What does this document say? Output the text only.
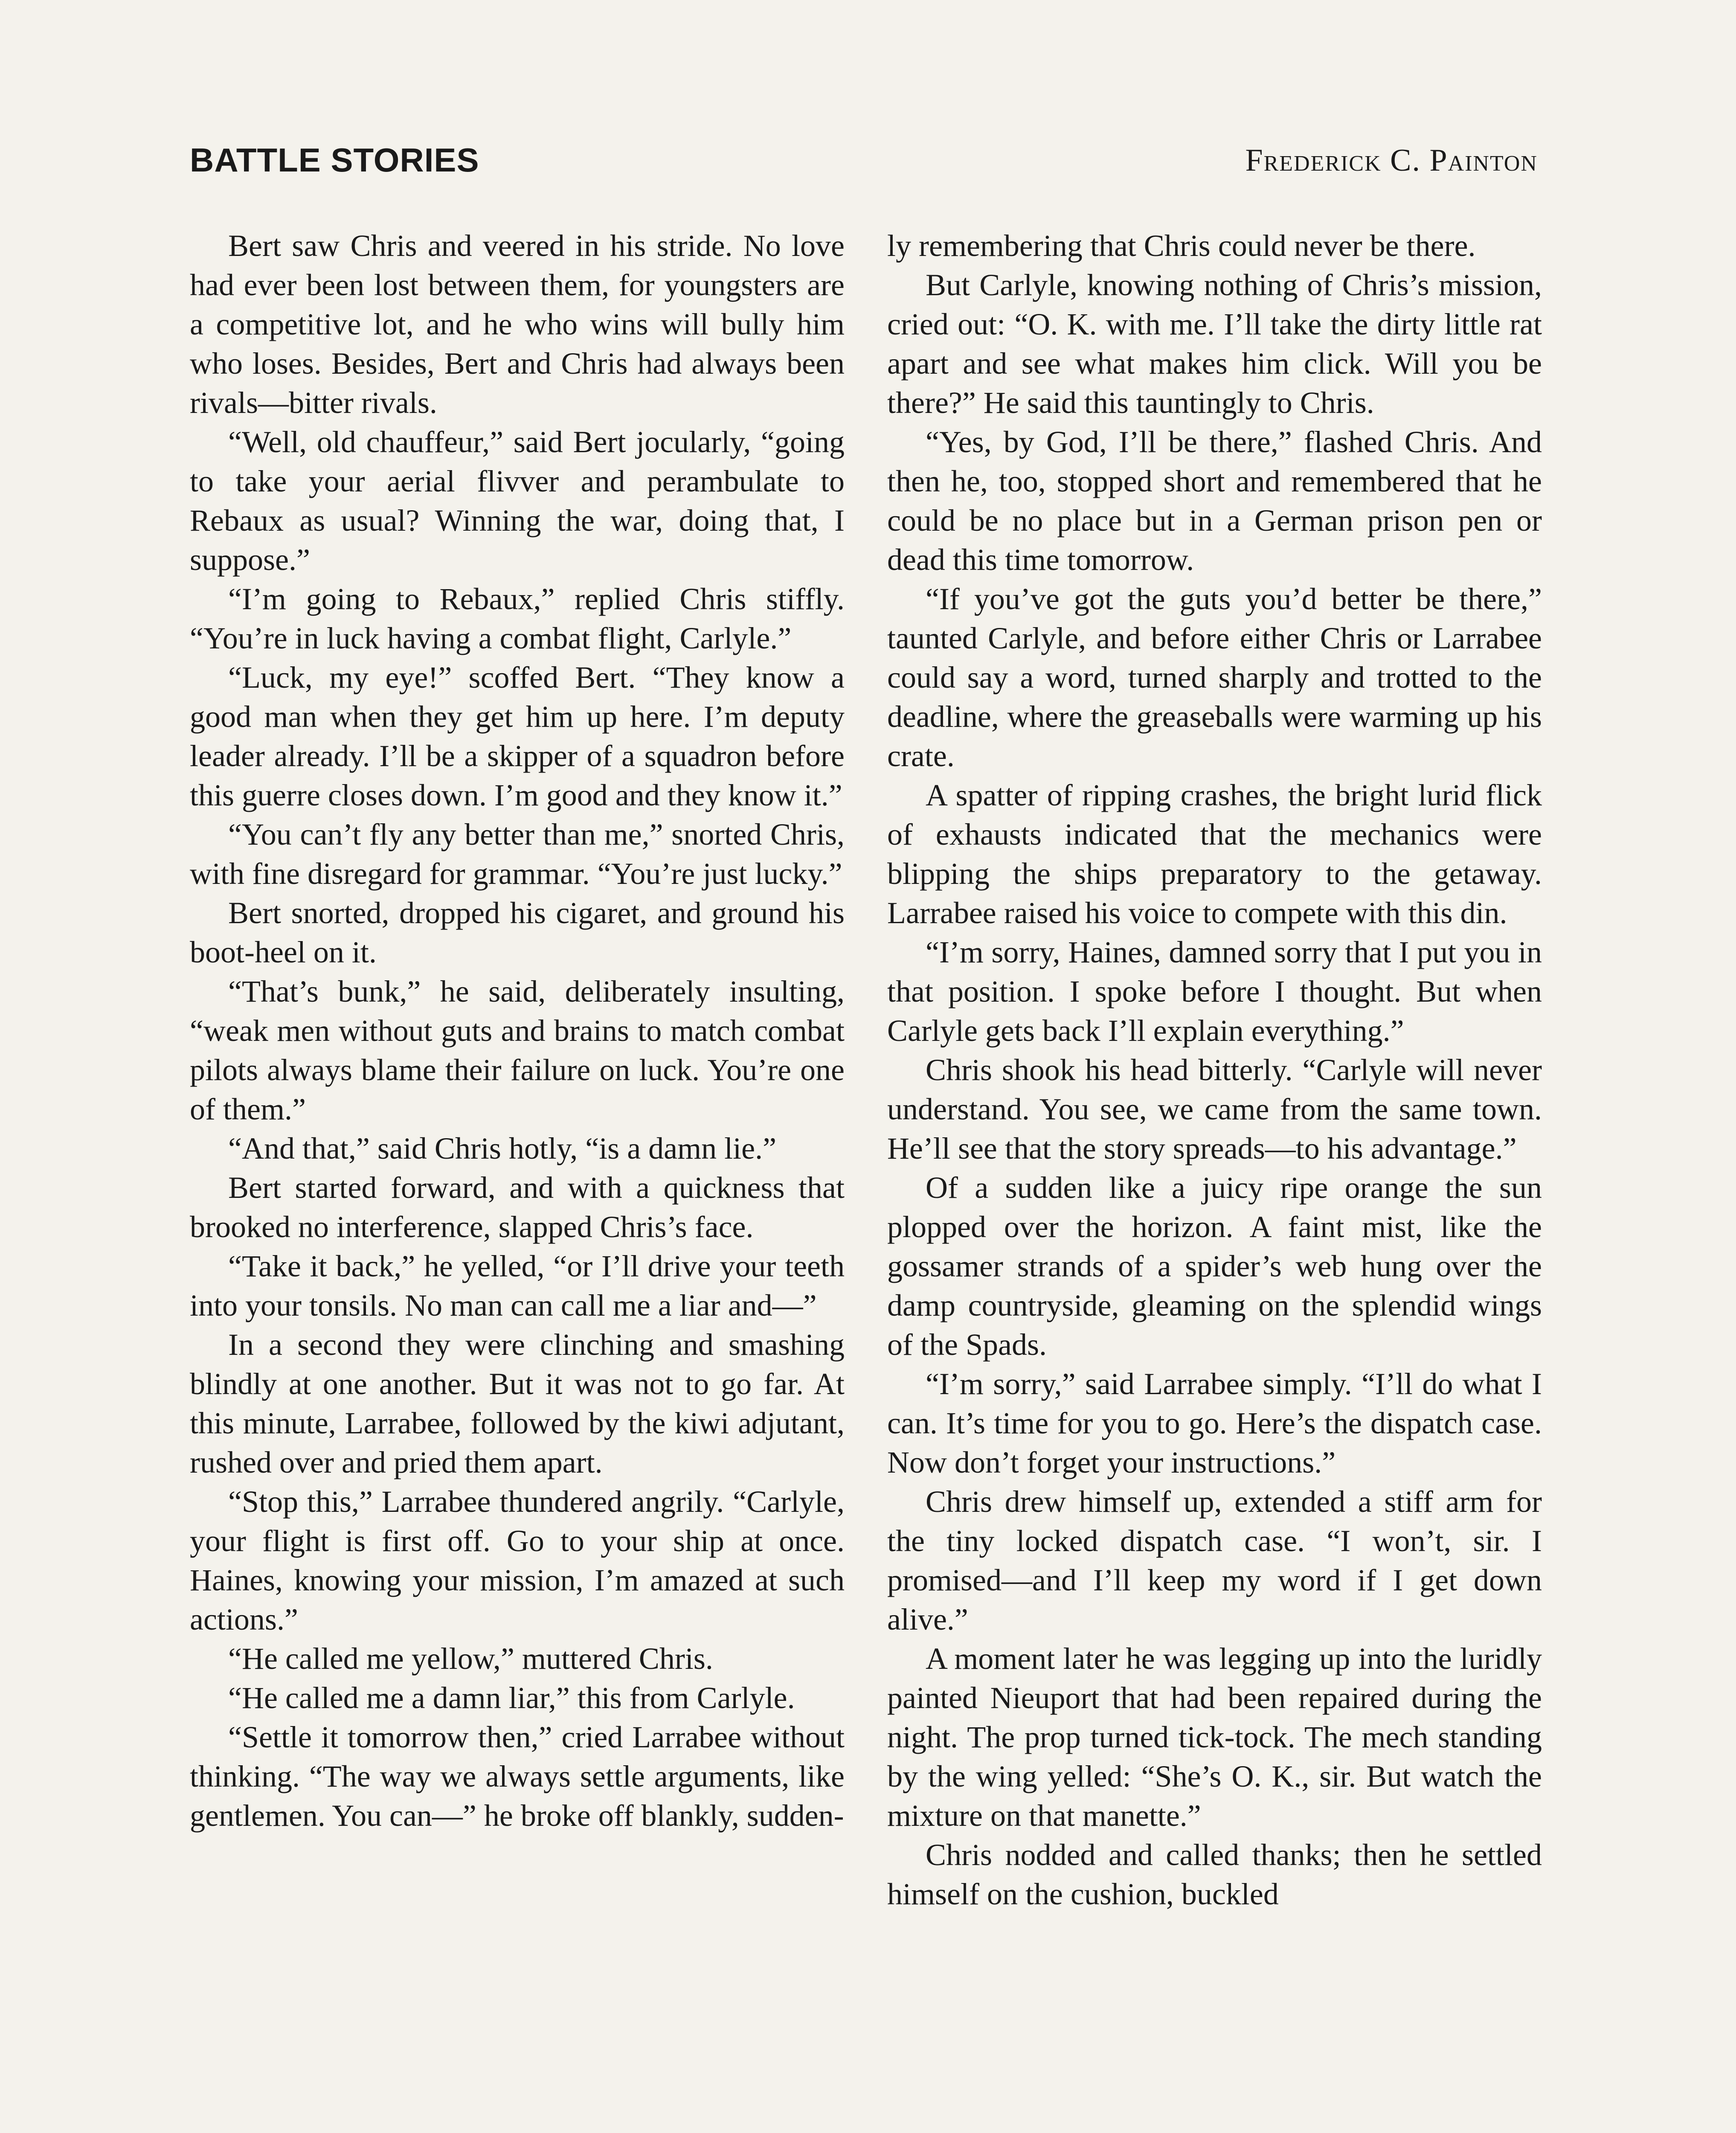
BATTLE STORIES	Frederick C. Painton

Bert saw Chris and veered in his stride. No love had ever been lost between them, for youngsters are a competitive lot, and he who wins will bully him who loses. Besides, Bert and Chris had always been rivals—bitter rivals.

“Well, old chauffeur,” said Bert jocularly, “going to take your aerial flivver and perambulate to Rebaux as usual? Winning the war, doing that, I suppose.”

“I’m going to Rebaux,” replied Chris stiffly. “You’re in luck having a combat flight, Carlyle.”

“Luck, my eye!” scoffed Bert. “They know a good man when they get him up here. I’m deputy leader already. I’ll be a skipper of a squadron before this guerre closes down. I’m good and they know it.”

“You can’t fly any better than me,” snorted Chris, with fine disregard for grammar. “You’re just lucky.”

Bert snorted, dropped his cigaret, and ground his boot-heel on it.

“That’s bunk,” he said, deliberately insulting, “weak men without guts and brains to match combat pilots always blame their failure on luck. You’re one of them.”

“And that,” said Chris hotly, “is a damn lie.”

Bert started forward, and with a quickness that brooked no interference, slapped Chris’s face.

“Take it back,” he yelled, “or I’ll drive your teeth into your tonsils. No man can call me a liar and—”

In a second they were clinching and smashing blindly at one another. But it was not to go far. At this minute, Larrabee, followed by the kiwi adjutant, rushed over and pried them apart.

“Stop this,” Larrabee thundered angrily. “Carlyle, your flight is first off. Go to your ship at once. Haines, knowing your mission, I’m amazed at such actions.”

“He called me yellow,” muttered Chris.

“He called me a damn liar,” this from Carlyle.

“Settle it tomorrow then,” cried Larrabee without thinking. “The way we always settle arguments, like gentlemen. You can—” he broke off blankly, sudden-

ly remembering that Chris could never be there.

But Carlyle, knowing nothing of Chris’s mission, cried out: “O. K. with me. I’ll take the dirty little rat apart and see what makes him click. Will you be there?” He said this tauntingly to Chris.

“Yes, by God, I’ll be there,” flashed Chris. And then he, too, stopped short and remembered that he could be no place but in a German prison pen or dead this time tomorrow.

“If you’ve got the guts you’d better be there,” taunted Carlyle, and before either Chris or Larrabee could say a word, turned sharply and trotted to the deadline, where the greaseballs were warming up his crate.

A spatter of ripping crashes, the bright lurid flick of exhausts indicated that the mechanics were blipping the ships preparatory to the getaway. Larrabee raised his voice to compete with this din.

“I’m sorry, Haines, damned sorry that I put you in that position. I spoke before I thought. But when Carlyle gets back I’ll explain everything.”

Chris shook his head bitterly. “Carlyle will never understand. You see, we came from the same town. He’ll see that the story spreads—to his advantage.”

Of a sudden like a juicy ripe orange the sun plopped over the horizon. A faint mist, like the gossamer strands of a spider’s web hung over the damp countryside, gleaming on the splendid wings of the Spads.

“I’m sorry,” said Larrabee simply. “I’ll do what I can. It’s time for you to go. Here’s the dispatch case. Now don’t forget your instructions.”

Chris drew himself up, extended a stiff arm for the tiny locked dispatch case. “I won’t, sir. I promised—and I’ll keep my word if I get down alive.”

A moment later he was legging up into the luridly painted Nieuport that had been repaired during the night. The prop turned tick-tock. The mech standing by the wing yelled: “She’s O. K., sir. But watch the mixture on that manette.”

Chris nodded and called thanks; then he settled himself on the cushion, buckled
